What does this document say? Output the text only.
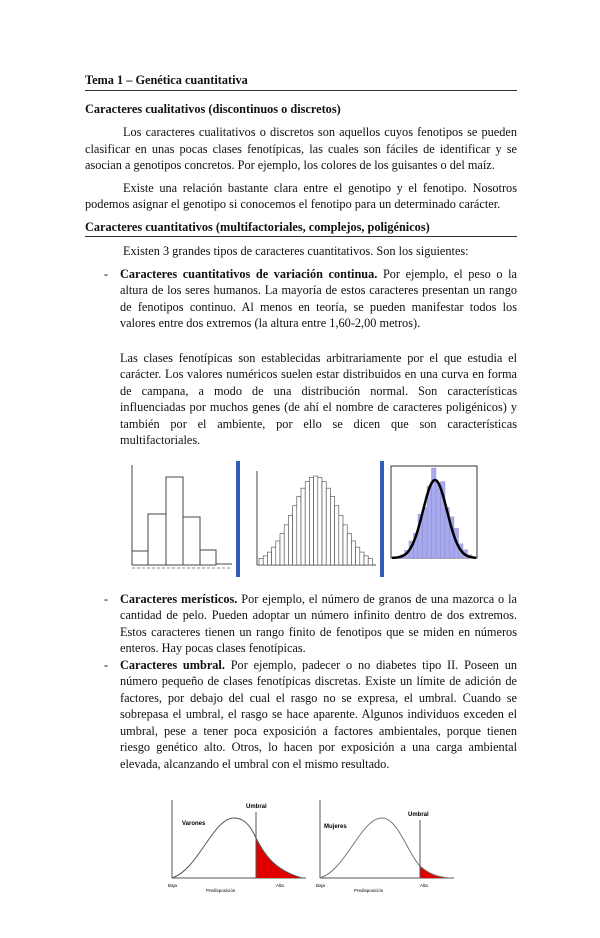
Tema 1 – Genética cuantitativa
Caracteres cualitativos (discontinuos o discretos)
Los caracteres cualitativos o discretos son aquellos cuyos fenotipos se pueden clasificar en unas pocas clases fenotípicas, las cuales son fáciles de identificar y se asocian a genotipos concretos. Por ejemplo, los colores de los guisantes o del maíz.
Existe una relación bastante clara entre el genotipo y el fenotipo. Nosotros podemos asignar el genotipo si conocemos el fenotipo para un determinado carácter.
Caracteres cuantitativos (multifactoriales, complejos, poligénicos)
Existen 3 grandes tipos de caracteres cuantitativos. Son los siguientes:
- Caracteres cuantitativos de variación continua. Por ejemplo, el peso o la altura de los seres humanos. La mayoría de estos caracteres presentan un rango de fenotipos continuo. Al menos en teoría, se pueden manifestar todos los valores entre dos extremos (la altura entre 1,60-2,00 metros).
Las clases fenotípicas son establecidas arbitrariamente por el que estudia el carácter. Los valores numéricos suelen estar distribuidos en una curva en forma de campana, a modo de una distribución normal. Son características influenciadas por muchos genes (de ahí el nombre de caracteres poligénicos) y también por el ambiente, por ello se dicen que son características multifactoriales.
- Caracteres merísticos. Por ejemplo, el número de granos de una mazorca o la cantidad de pelo. Pueden adoptar un número infinito dentro de dos extremos. Estos caracteres tienen un rango finito de fenotipos que se miden en números enteros. Hay pocas clases fenotípicas.
- Caracteres umbral. Por ejemplo, padecer o no diabetes tipo II. Poseen un número pequeño de clases fenotípicas discretas. Existe un límite de adición de factores, por debajo del cual el rasgo no se expresa, el umbral. Cuando se sobrepasa el umbral, el rasgo se hace aparente. Algunos individuos exceden el umbral, pese a tener poca exposición a factores ambientales, porque tienen riesgo genético alto. Otros, lo hacen por exposición a una carga ambiental elevada, alcanzando el umbral con el mismo resultado.
Umbral
Varones
Baja
Predisposición
Alta
Umbral
Mujeres
Baja
Predisposición
Alta
